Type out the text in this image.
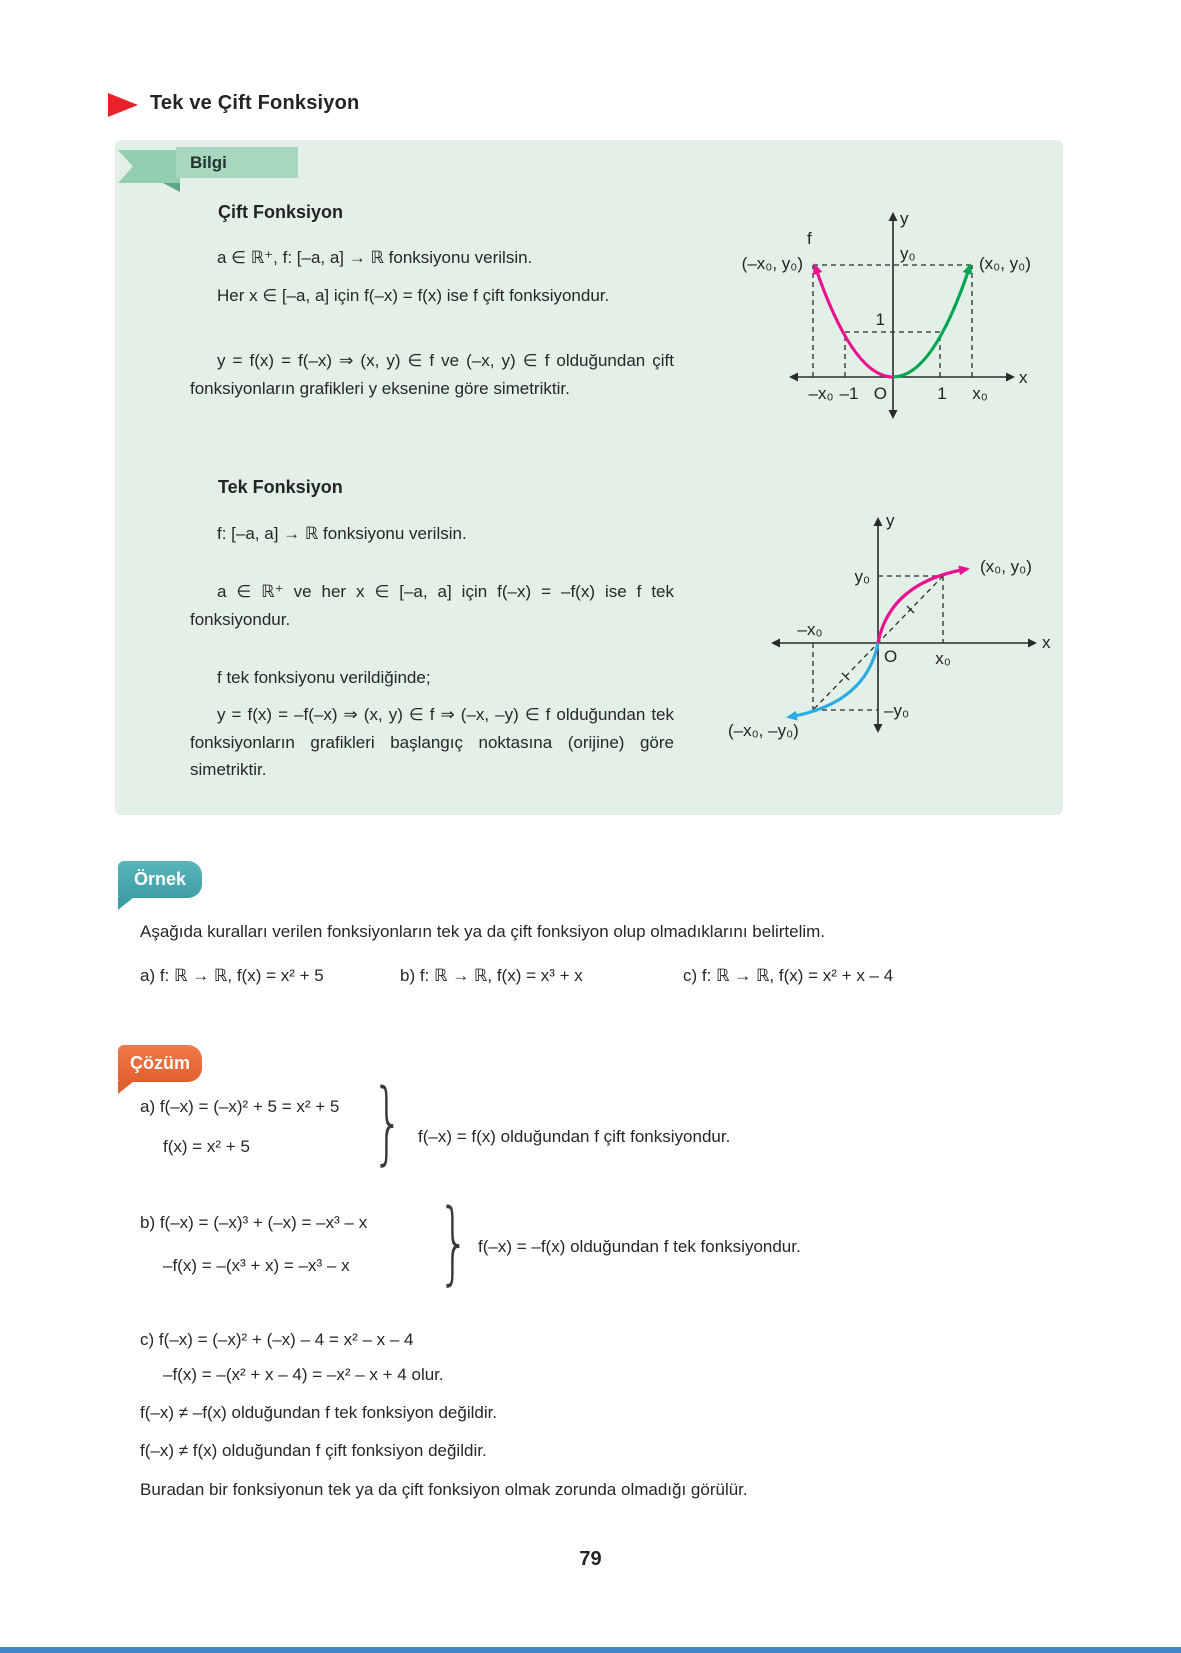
Tek ve Çift Fonksiyon
Çift Fonksiyon
a ∈ ℝ⁺, f: [–a, a] → ℝ fonksiyonu verilsin.
Her x ∈ [–a, a] için f(–x) = f(x) ise f çift fonksiyondur.
y = f(x) = f(–x) ⇒ (x, y) ∈ f ve (–x, y) ∈ f olduğundan çift fonksiyonların grafikleri y eksenine göre simetriktir.
y
x
f
y₀
1
(–x₀, y₀)	(x₀, y₀)
–x₀ –1 O	1 x₀
Tek Fonksiyon
f: [–a, a] → ℝ fonksiyonu verilsin.
a ∈ ℝ⁺ ve her x ∈ [–a, a] için f(–x) = –f(x) ise f tek fonksiyondur.
f tek fonksiyonu verildiğinde;
y = f(x) = –f(–x) ⇒ (x, y) ∈ f ⇒ (–x, –y) ∈ f olduğundan tek fonksiyonların grafikleri başlangıç noktasına (orijine) göre simetriktir.
y
x
y₀
–y₀
–x₀
x₀
O
(x₀, y₀)
(–x₀, –y₀)
Bilgi
Örnek
Aşağıda kuralları verilen fonksiyonların tek ya da çift fonksiyon olup olmadıklarını belirtelim.
a) f: ℝ → ℝ, f(x) = x² + 5	b) f: ℝ → ℝ, f(x) = x³ + x	c) f: ℝ → ℝ, f(x) = x² + x – 4
Çözüm
a) f(–x) = (–x)² + 5 = x² + 5
f(x) = x² + 5 } f(–x) = f(x) olduğundan f çift fonksiyondur.
b) f(–x) = (–x)³ + (–x) = –x³ – x
–f(x) = –(x³ + x) = –x³ – x } f(–x) = –f(x) olduğundan f tek fonksiyondur.
c) f(–x) = (–x)² + (–x) – 4 = x² – x – 4
–f(x) = –(x² + x – 4) = –x² – x + 4 olur.
f(–x) ≠ –f(x) olduğundan f tek fonksiyon değildir.
f(–x) ≠ f(x) olduğundan f çift fonksiyon değildir.
Buradan bir fonksiyonun tek ya da çift fonksiyon olmak zorunda olmadığı görülür.
79
